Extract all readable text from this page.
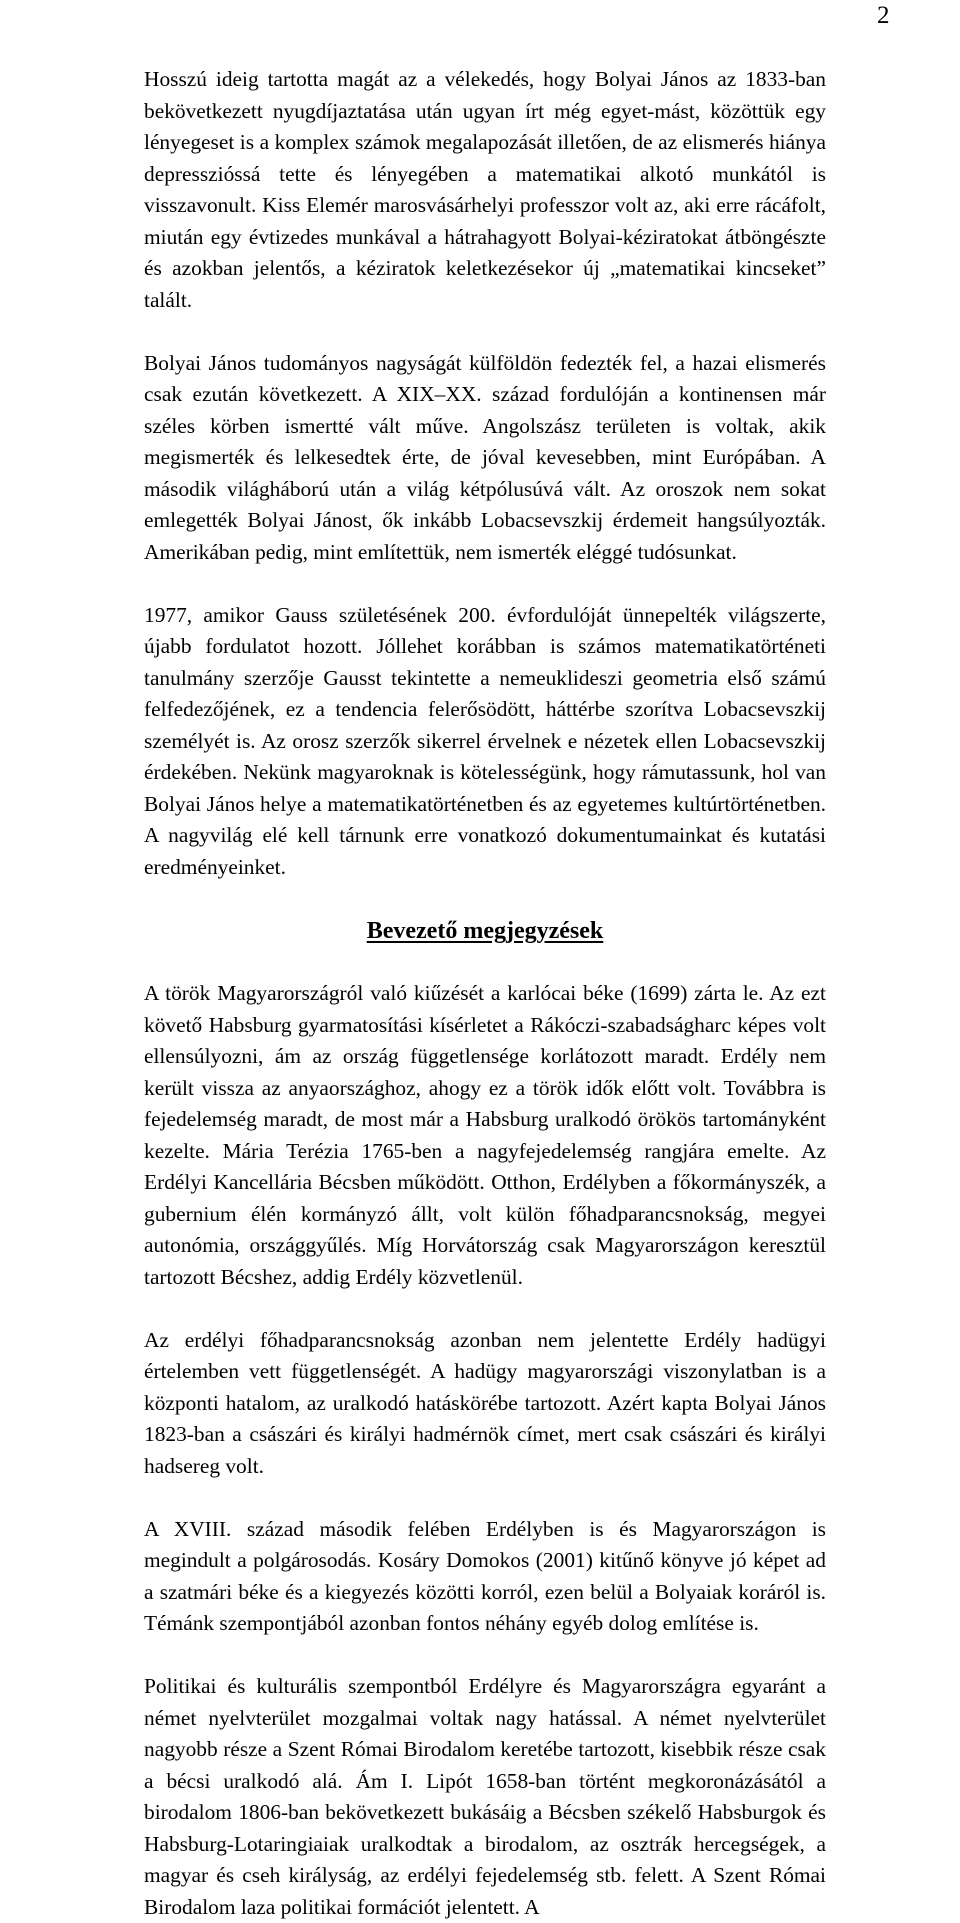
2

Hosszú ideig tartotta magát az a vélekedés, hogy Bolyai János az 1833-ban bekövetkezett nyugdíjaztatása után ugyan írt még egyet-mást, közöttük egy lényegeset is a komplex számok megalapozását illetően, de az elismerés hiánya depresszióssá tette és lényegében a matematikai alkotó munkától is visszavonult. Kiss Elemér marosvásárhelyi professzor volt az, aki erre rácáfolt, miután egy évtizedes munkával a hátrahagyott Bolyai-kéziratokat átböngészte és azokban jelentős, a kéziratok keletkezésekor új „matematikai kincseket” talált.

Bolyai János tudományos nagyságát külföldön fedezték fel, a hazai elismerés csak ezután következett. A XIX–XX. század fordulóján a kontinensen már széles körben ismertté vált műve. Angolszász területen is voltak, akik megismerték és lelkesedtek érte, de jóval kevesebben, mint Európában. A második világháború után a világ kétpólusúvá vált. Az oroszok nem sokat emlegették Bolyai Jánost, ők inkább Lobacsevszkij érdemeit hangsúlyozták. Amerikában pedig, mint említettük, nem ismerték eléggé tudósunkat.

1977, amikor Gauss születésének 200. évfordulóját ünnepelték világszerte, újabb fordulatot hozott. Jóllehet korábban is számos matematikatörténeti tanulmány szerzője Gausst tekintette a nemeuklideszi geometria első számú felfedezőjének, ez a tendencia felerősödött, háttérbe szorítva Lobacsevszkij személyét is. Az orosz szerzők sikerrel érvelnek e nézetek ellen Lobacsevszkij érdekében. Nekünk magyaroknak is kötelességünk, hogy rámutassunk, hol van Bolyai János helye a matematikatörténetben és az egyetemes kultúrtörténetben. A nagyvilág elé kell tárnunk erre vonatkozó dokumentumainkat és kutatási eredményeinket.

Bevezető megjegyzések

A török Magyarországról való kiűzését a karlócai béke (1699) zárta le. Az ezt követő Habsburg gyarmatosítási kísérletet a Rákóczi-szabadságharc képes volt ellensúlyozni, ám az ország függetlensége korlátozott maradt. Erdély nem került vissza az anyaországhoz, ahogy ez a török idők előtt volt. Továbbra is fejedelemség maradt, de most már a Habsburg uralkodó örökös tartományként kezelte. Mária Terézia 1765-ben a nagyfejedelemség rangjára emelte. Az Erdélyi Kancellária Bécsben működött. Otthon, Erdélyben a főkormányszék, a gubernium élén kormányzó állt, volt külön főhadparancsnokság, megyei autonómia, országgyűlés. Míg Horvátország csak Magyarországon keresztül tartozott Bécshez, addig Erdély közvetlenül.

Az erdélyi főhadparancsnokság azonban nem jelentette Erdély hadügyi értelemben vett függetlenségét. A hadügy magyarországi viszonylatban is a központi hatalom, az uralkodó hatáskörébe tartozott. Azért kapta Bolyai János 1823-ban a császári és királyi hadmérnök címet, mert csak császári és királyi hadsereg volt.

A XVIII. század második felében Erdélyben is és Magyarországon is megindult a polgárosodás. Kosáry Domokos (2001) kitűnő könyve jó képet ad a szatmári béke és a kiegyezés közötti korról, ezen belül a Bolyaiak koráról is. Témánk szempontjából azonban fontos néhány egyéb dolog említése is.

Politikai és kulturális szempontból Erdélyre és Magyarországra egyaránt a német nyelvterület mozgalmai voltak nagy hatással. A német nyelvterület nagyobb része a Szent Római Birodalom keretébe tartozott, kisebbik része csak a bécsi uralkodó alá. Ám I. Lipót 1658-ban történt megkoronázásától a birodalom 1806-ban bekövetkezett bukásáig a Bécsben székelő Habsburgok és Habsburg-Lotaringiaiak uralkodtak a birodalom, az osztrák hercegségek, a magyar és cseh királyság, az erdélyi fejedelemség stb. felett. A Szent Római Birodalom laza politikai formációt jelentett. A
